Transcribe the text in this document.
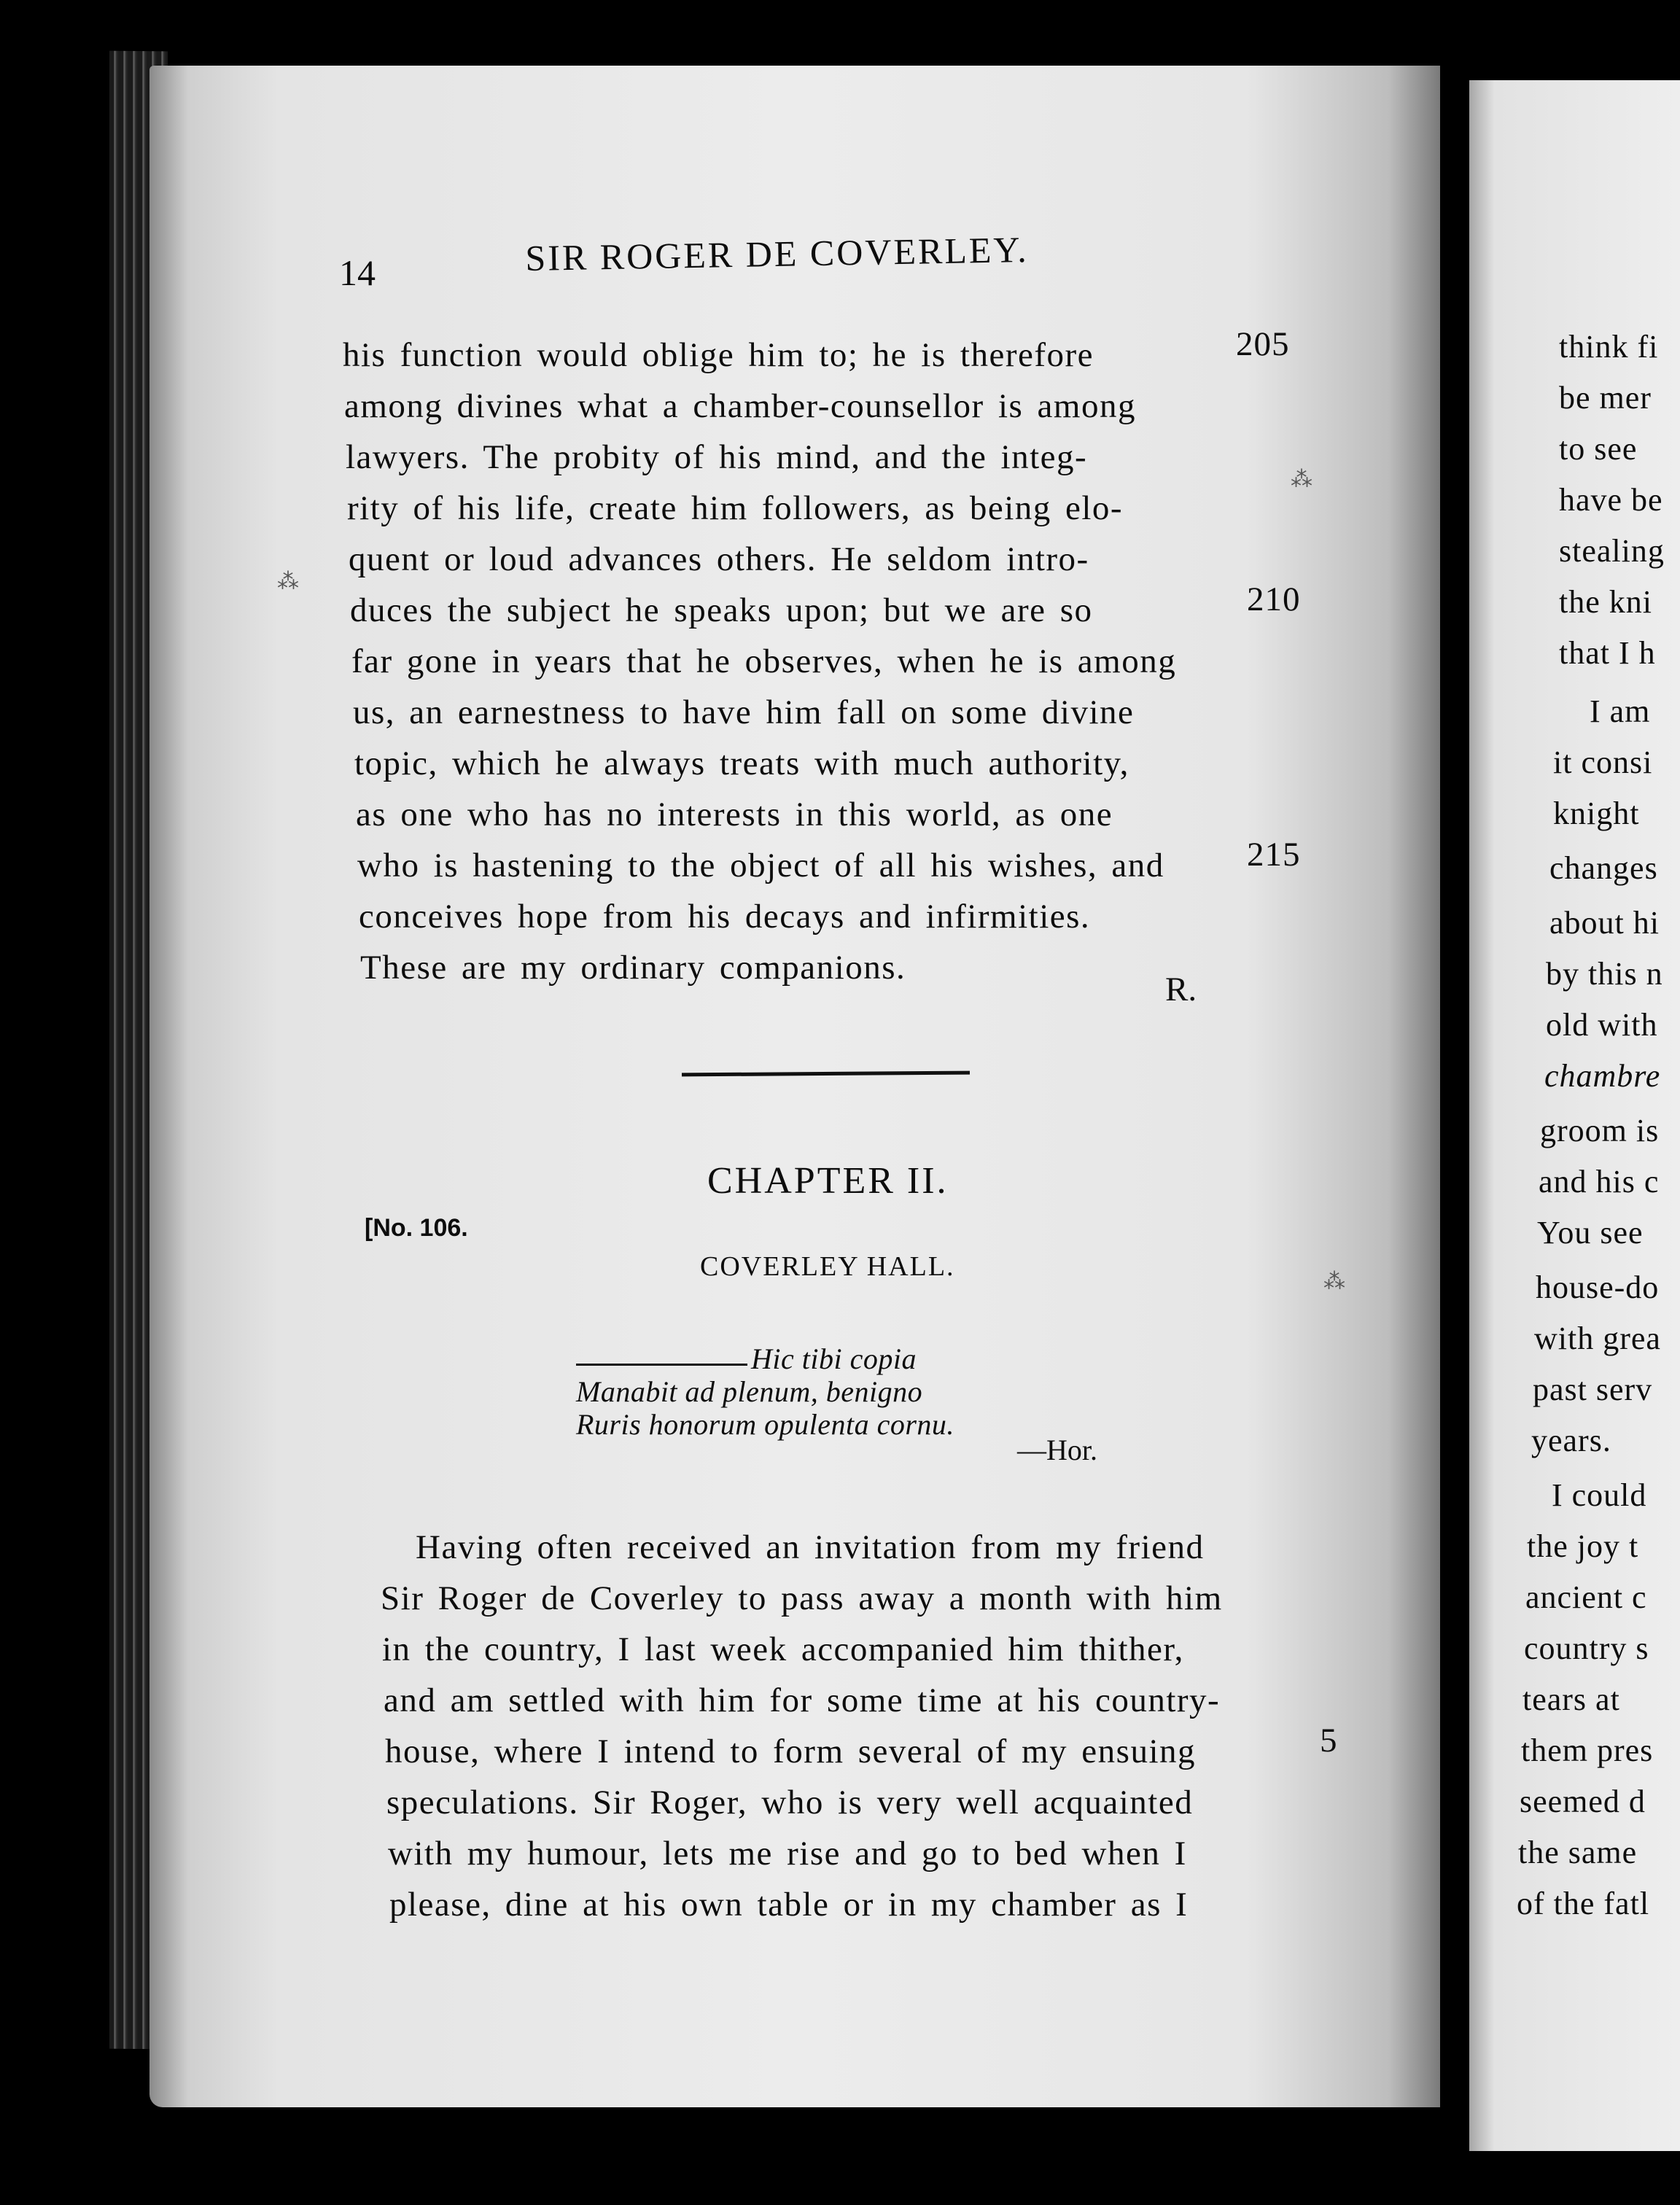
14	SIR ROGER DE COVERLEY.
his function would oblige him to; he is therefore
among divines what a chamber-counsellor is among
lawyers. The probity of his mind, and the integ-
rity of his life, create him followers, as being elo-
quent or loud advances others. He seldom intro-
duces the subject he speaks upon; but we are so
far gone in years that he observes, when he is among
us, an earnestness to have him fall on some divine
topic, which he always treats with much authority,
as one who has no interests in this world, as one
who is hastening to the object of all his wishes, and
conceives hope from his decays and infirmities.
These are my ordinary companions.
205
210
215
R.
CHAPTER II.
[No. 106.
COVERLEY HALL.
Hic tibi copia
Manabit ad plenum, benigno
Ruris honorum opulenta cornu.
—Hor.
Having often received an invitation from my friend
Sir Roger de Coverley to pass away a month with him
in the country, I last week accompanied him thither,
and am settled with him for some time at his country-
house, where I intend to form several of my ensuing
speculations. Sir Roger, who is very well acquainted
with my humour, lets me rise and go to bed when I
please, dine at his own table or in my chamber as I
5
⁂
⁂
⁂
think fi
be mer
to see
have be
stealing
the kni
that I h
I am
it consi
knight
changes
about hi
by this n
old with
chambre
groom is
and his c
You see
house-do
with grea
past serv
years.
I could
the joy t
ancient c
country s
tears at
them pres
seemed d
the same
of the fatl
